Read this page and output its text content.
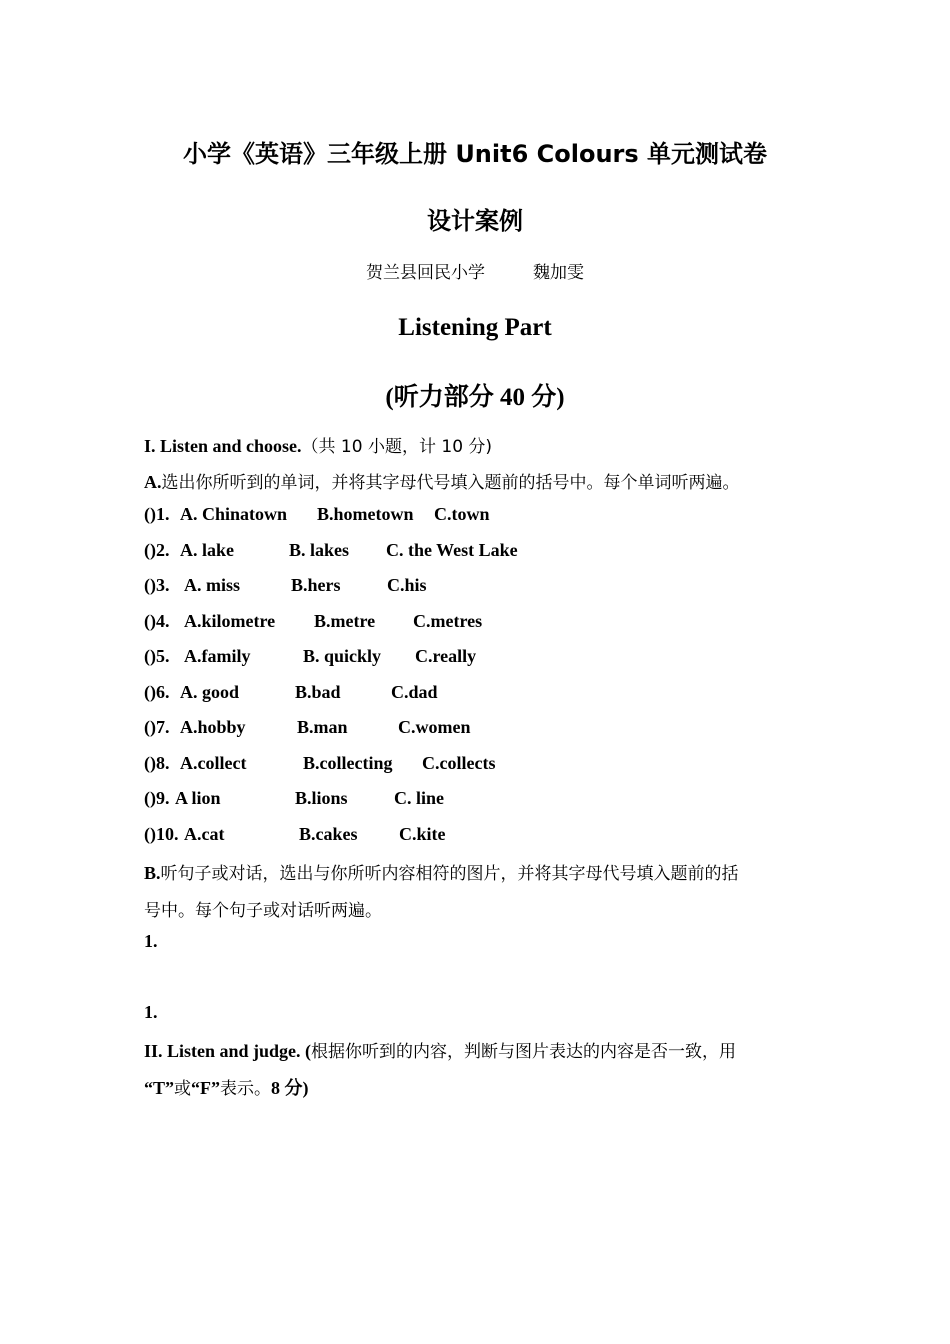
小学《英语》三年级上册 Unit6 Colours 单元测试卷
设计案例
贺兰县回民小学	魏加雯
Listening Part
(听力部分 40 分)
I. Listen and choose.（共 10 小题，计 10 分)
A.选出你所听到的单词，并将其字母代号填入题前的括号中。每个单词听两遍。
()1. A. Chinatown B.hometown C.town
()2. A. lake	B. lakes C. the West Lake
()3. A. miss	B.hers	C.his
()4. A.kilometre B.metre C.metres
()5. A.family	B. quickly C.really
()6. A. good	B.bad	C.dad
()7. A.hobby	B.man	C.women
()8. A.collect	B.collecting C.collects
()9. A lion	B.lions	C. line
()10. A.cat	B.cakes C.kite
B.听句子或对话，选出与你所听内容相符的图片，并将其字母代号填入题前的括
号中。每个句子或对话听两遍。
1.
1.
II. Listen and judge. (根据你听到的内容，判断与图片表达的内容是否一致，用
“T”或“F”表示。8 分)
